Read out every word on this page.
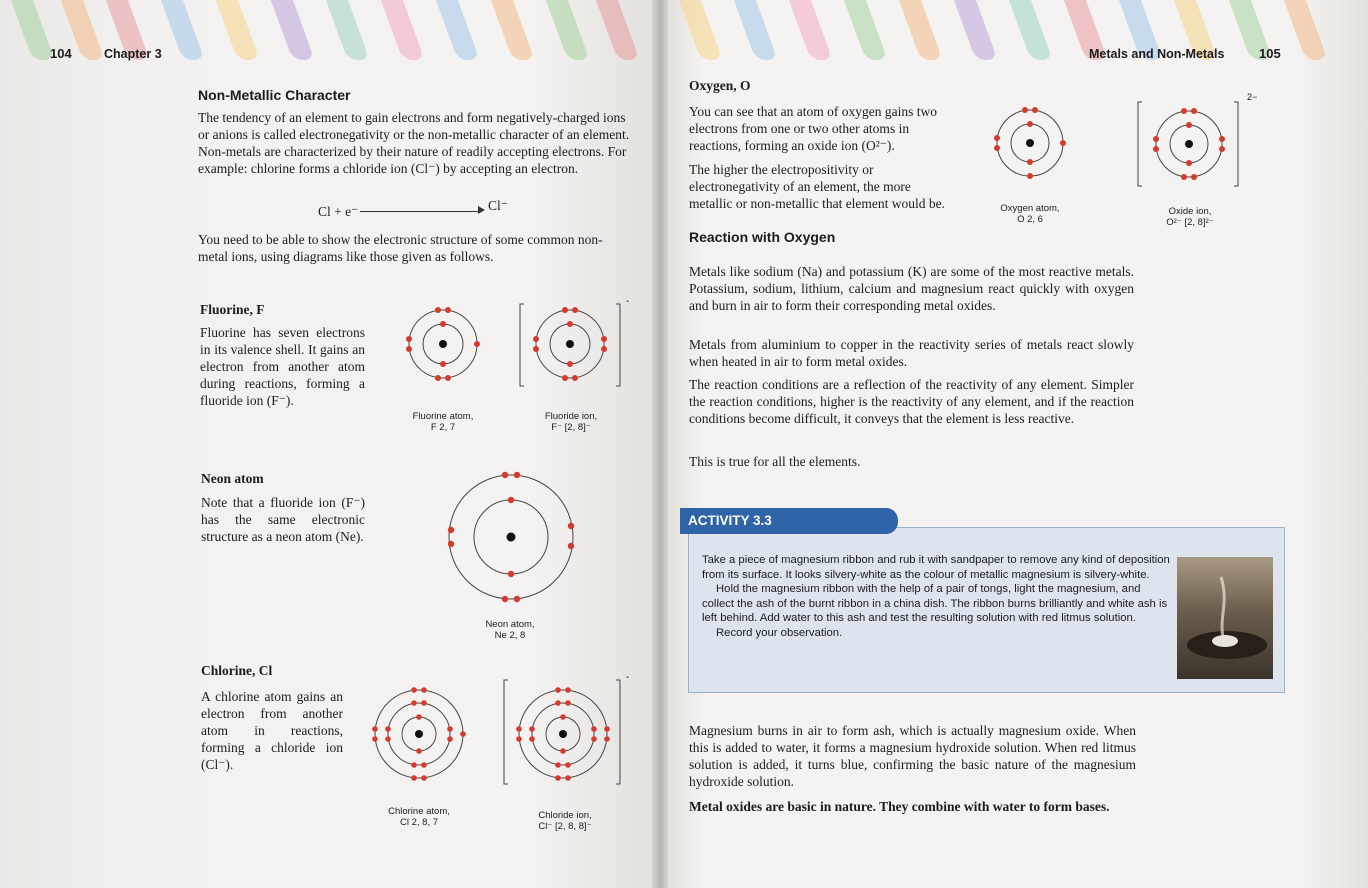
104	Chapter 3
Non-Metallic Character
The tendency of an element to gain electrons and form negatively-charged ions or anions is called electronegativity or the non-metallic character of an element. Non-metals are characterized by their nature of readily accepting electrons. For example: chlorine forms a chloride ion (Cl⁻) by accepting an electron.
Cl + e⁻	Cl⁻
You need to be able to show the electronic structure of some common non-metal ions, using diagrams like those given as follows.
Fluorine, F
Fluorine has seven electrons in its valence shell. It gains an electron from another atom during reactions, forming a fluoride ion (F⁻).
Fluorine atom,
F 2, 7
-
Fluoride ion,
F⁻ [2, 8]⁻
Neon atom
Note that a fluoride ion (F⁻) has the same electronic structure as a neon atom (Ne).
Neon atom,
Ne 2, 8
Chlorine, Cl
A chlorine atom gains an electron from another atom in reactions, forming a chloride ion (Cl⁻).
Chlorine atom,
Cl 2, 8, 7
-
Chloride ion,
Cl⁻ [2, 8, 8]⁻
Metals and Non-Metals	105
Oxygen, O
You can see that an atom of oxygen gains two electrons from one or two other atoms in reactions, forming an oxide ion (O²⁻).
The higher the electropositivity or electronegativity of an element, the more metallic or non-metallic that element would be.	Oxygen atom,
O 2, 6
2−
Oxide ion,
O²⁻ [2, 8]²⁻
Reaction with Oxygen
Metals like sodium (Na) and potassium (K) are some of the most reactive metals. Potassium, sodium, lithium, calcium and magnesium react quickly with oxygen and burn in air to form their corresponding metal oxides.
Metals from aluminium to copper in the reactivity series of metals react slowly when heated in air to form metal oxides.
The reaction conditions are a reflection of the reactivity of any element. Simpler the reaction conditions, higher is the reactivity of any element, and if the reaction conditions become difficult, it conveys that the element is less reactive.
This is true for all the elements.
ACTIVITY 3.3
Take a piece of magnesium ribbon and rub it with sandpaper to remove any kind of deposition from its surface. It looks silvery-white as the colour of metallic magnesium is silvery-white.
Hold the magnesium ribbon with the help of a pair of tongs, light the magnesium, and collect the ash of the burnt ribbon in a china dish. The ribbon burns brilliantly and white ash is left behind. Add water to this ash and test the resulting solution with red litmus solution.
Record your observation.
Magnesium burns in air to form ash, which is actually magnesium oxide. When this is added to water, it forms a magnesium hydroxide solution. When red litmus solution is added, it turns blue, confirming the basic nature of the magnesium hydroxide solution.
Metal oxides are basic in nature. They combine with water to form bases.
